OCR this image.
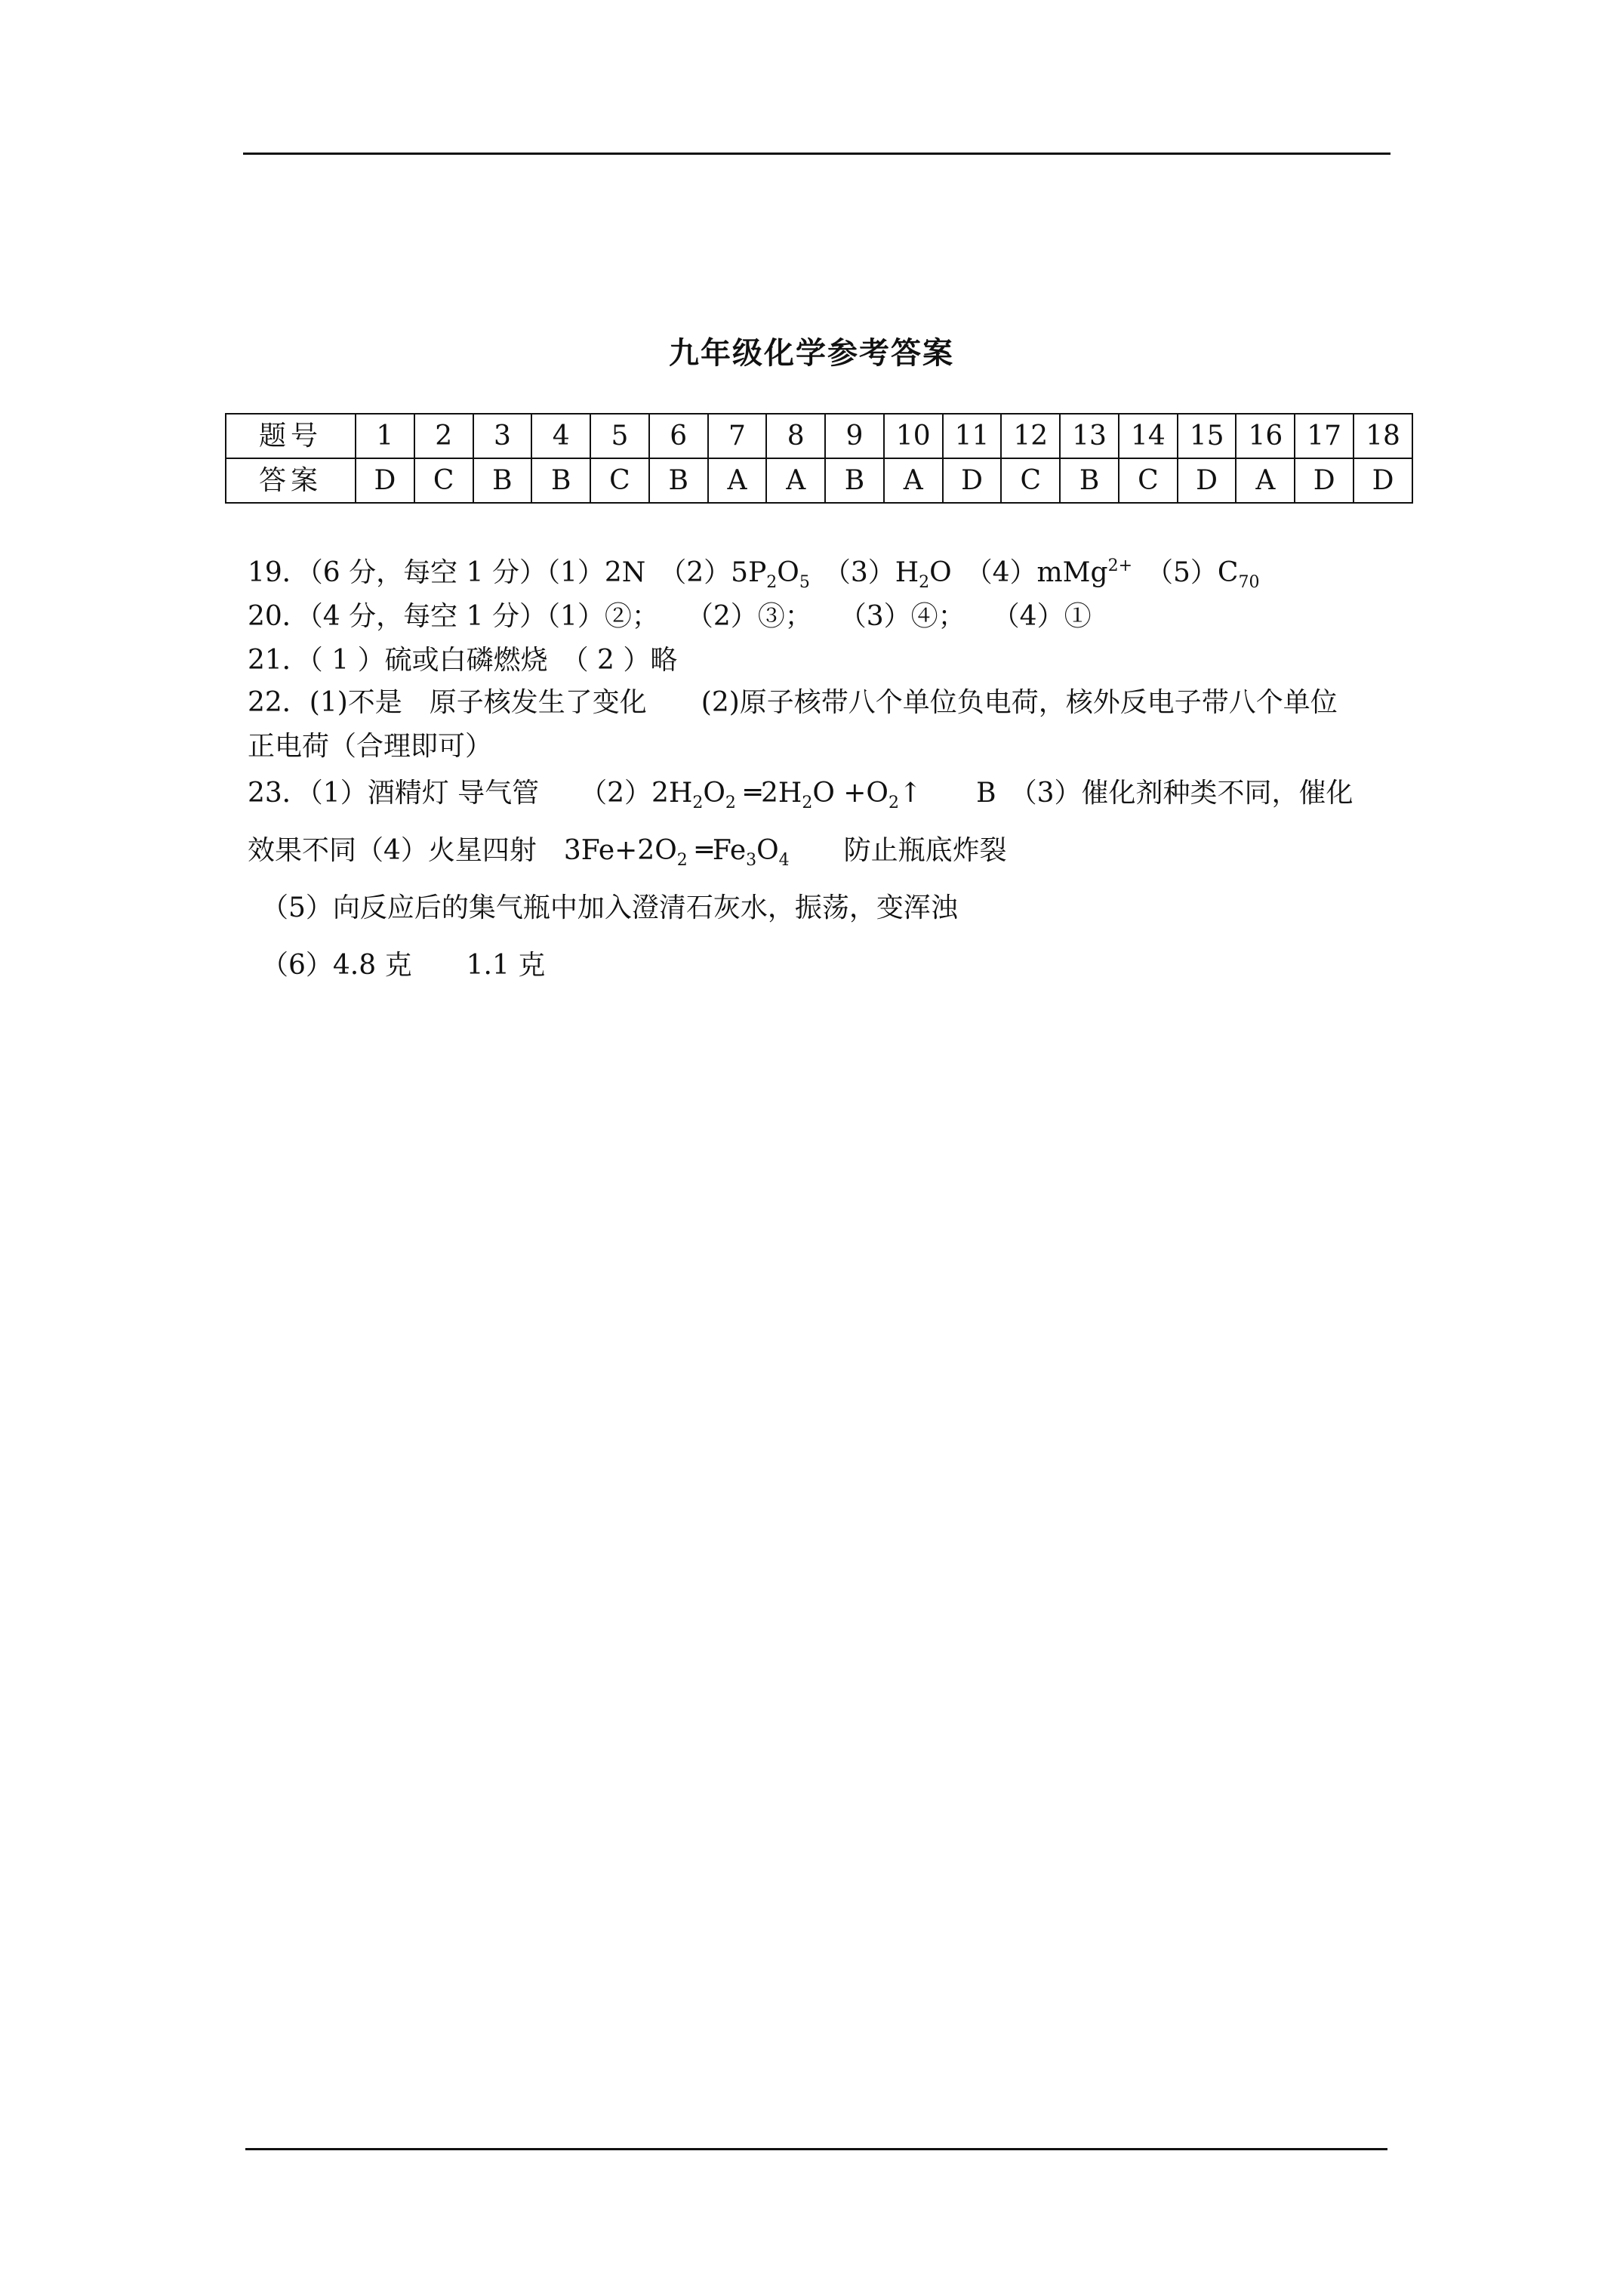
九年级化学参考答案
题号	1	2	3	4	5	6	7	8	9	10	11	12	13	14	15	16	17	18
答案	D	C	B	B	C	B	A	A	B	A	D	C	B	C	D	A	D	D
19．（6 分，每空 1 分）（1）2N　$(2)5P_2O_5$　$(3)H_2O$　（4）mMg$^{2+}$　$(5)C_{70}$
20．（4 分，每空 1 分）（1）②；　　（2）③；　　（3）④；　　（4）①
21．（ 1 ）硫或白磷燃烧　（ 2 ）略
22．(1)不是　原子核发生了变化　　(2)原子核带八个单位负电荷，核外反电子带八个单位
正电荷（合理即可）
23．（1）酒精灯 导气管　　$(2)2H_2O_2$ $═2H_2O$ $+O_2↑$　　B　（3）催化剂种类不同，催化
效果不同（4）火星四射　$3Fe+2O_2$ $═Fe_3O_4$　　防止瓶底炸裂
（5）向反应后的集气瓶中加入澄清石灰水，振荡，变浑浊
（6）4.8 克　　1.1 克
